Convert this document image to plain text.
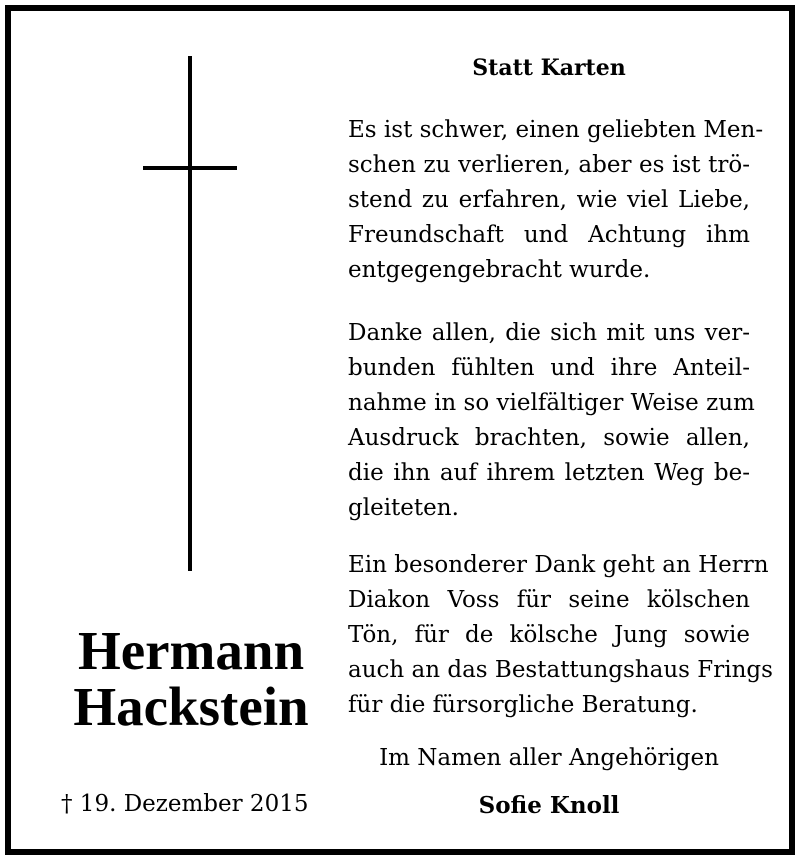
Hermann
Hackstein
† 19. Dezember 2015
Statt Karten
Es ist schwer, einen geliebten Men-
schen zu verlieren, aber es ist trö-
stend zu erfahren, wie viel Liebe,
Freundschaft und Achtung ihm
entgegengebracht wurde.
Danke allen, die sich mit uns ver-
bunden fühlten und ihre Anteil-
nahme in so vielfältiger Weise zum
Ausdruck brachten, sowie allen,
die ihn auf ihrem letzten Weg be-
gleiteten.
Ein besonderer Dank geht an Herrn
Diakon Voss für seine kölschen
Tön, für de kölsche Jung sowie
auch an das Bestattungshaus Frings
für die fürsorgliche Beratung.
Im Namen aller Angehörigen
Sofie Knoll
